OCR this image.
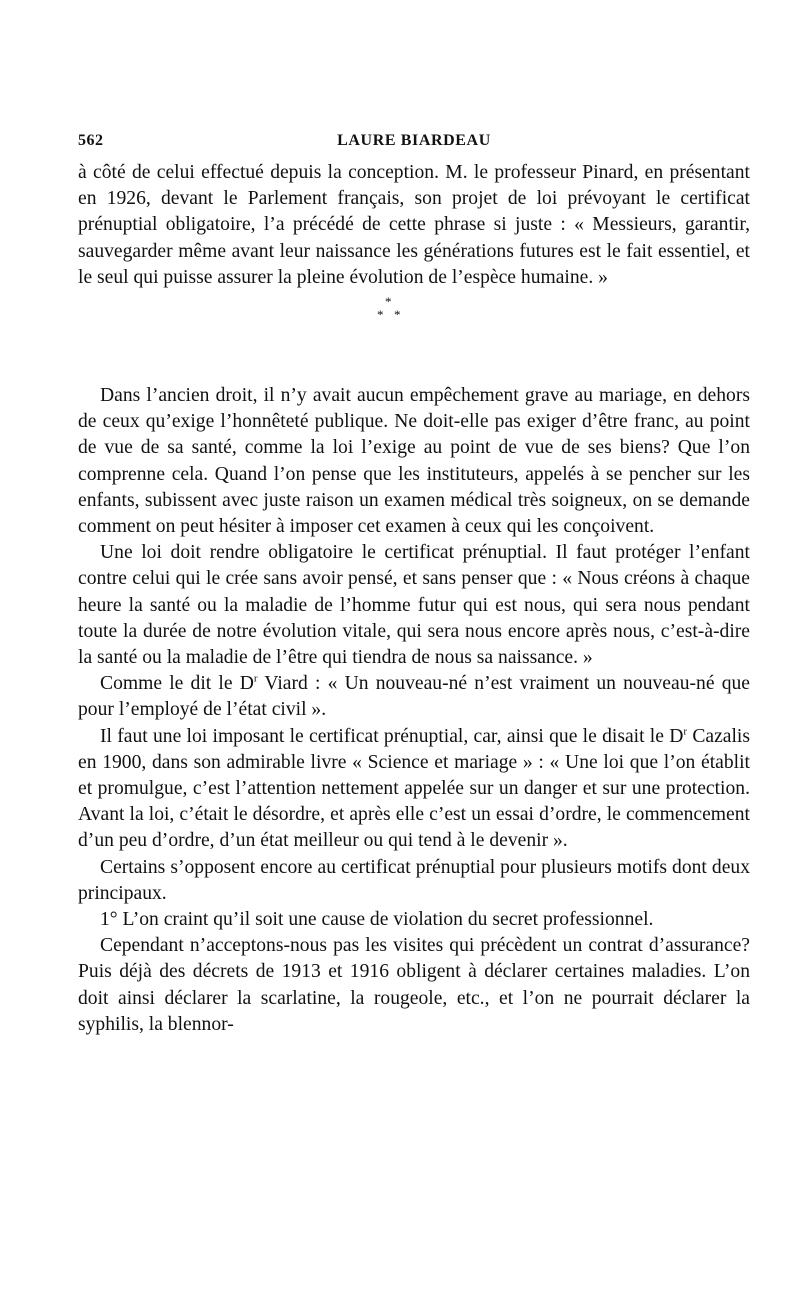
562	LAURE BIARDEAU

à côté de celui effectué depuis la conception. M. le professeur Pinard, en présentant en 1926, devant le Parlement français, son projet de loi prévoyant le certificat prénuptial obligatoire, l’a précédé de cette phrase si juste : « Messieurs, garantir, sauvegarder même avant leur naissance les générations futures est le fait essentiel, et le seul qui puisse assurer la pleine évolution de l’espèce humaine. »

*
* *

Dans l’ancien droit, il n’y avait aucun empêchement grave au mariage, en dehors de ceux qu’exige l’honnêteté publique. Ne doit-elle pas exiger d’être franc, au point de vue de sa santé, comme la loi l’exige au point de vue de ses biens? Que l’on comprenne cela. Quand l’on pense que les instituteurs, appelés à se pencher sur les enfants, subissent avec juste raison un examen médical très soigneux, on se demande comment on peut hésiter à imposer cet examen à ceux qui les conçoivent.

Une loi doit rendre obligatoire le certificat prénuptial. Il faut protéger l’enfant contre celui qui le crée sans avoir pensé, et sans penser que : « Nous créons à chaque heure la santé ou la maladie de l’homme futur qui est nous, qui sera nous pendant toute la durée de notre évolution vitale, qui sera nous encore après nous, c’est-à-dire la santé ou la maladie de l’être qui tiendra de nous sa naissance. »

Comme le dit le $D^r$ Viard : « Un nouveau-né n’est vraiment un nouveau-né que pour l’employé de l’état civil ».

Il faut une loi imposant le certificat prénuptial, car, ainsi que le disait le $D^r$ Cazalis en 1900, dans son admirable livre « Science et mariage » : « Une loi que l’on établit et promulgue, c’est l’attention nettement appelée sur un danger et sur une protection. Avant la loi, c’était le désordre, et après elle c’est un essai d’ordre, le commencement d’un peu d’ordre, d’un état meilleur ou qui tend à le devenir ».

Certains s’opposent encore au certificat prénuptial pour plusieurs motifs dont deux principaux.

1° L’on craint qu’il soit une cause de violation du secret professionnel.

Cependant n’acceptons-nous pas les visites qui précèdent un contrat d’assurance? Puis déjà des décrets de 1913 et 1916 obligent à déclarer certaines maladies. L’on doit ainsi déclarer la scarlatine, la rougeole, etc., et l’on ne pourrait déclarer la syphilis, la blennor-
